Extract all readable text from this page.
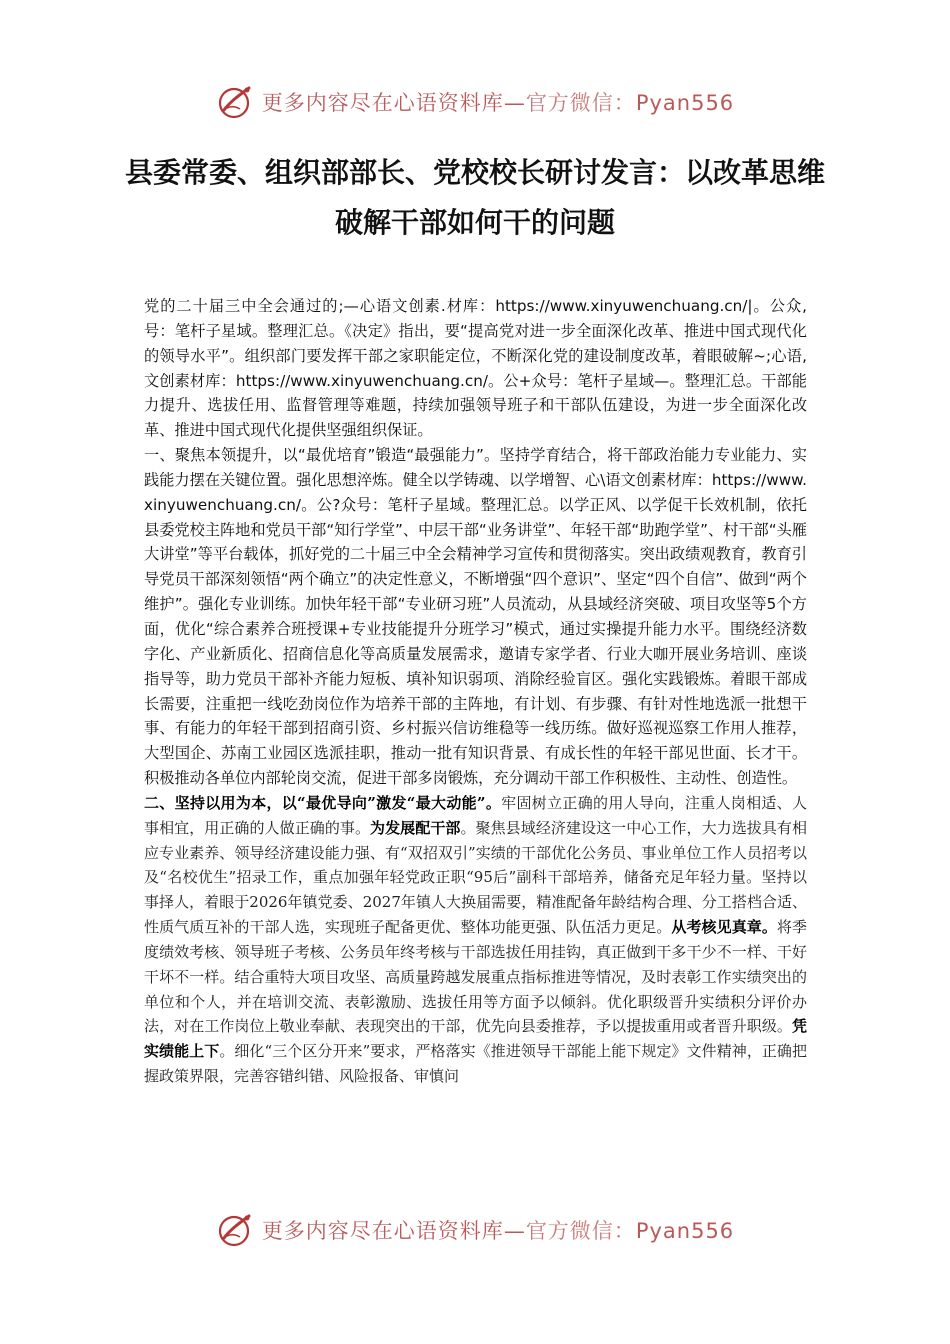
更多内容尽在心语资料库—官方微信：Pyan556
县委常委、组织部部长、党校校长研讨发言：以改革思维破解干部如何干的问题

党的二十届三中全会通过的;—心语文创素.材库：https://www.xinyuwenchuang.cn/|。公众,号：笔杆子星域。整理汇总。《决定》指出，要“提高党对进一步全面深化改革、推进中国式现代化的领导水平”。组织部门要发挥干部之家职能定位，不断深化党的建设制度改革，着眼破解~;心语,文创素材库：https://www.xinyuwenchuang.cn/。公+众号：笔杆子星域—。整理汇总。干部能力提升、选拔任用、监督管理等难题，持续加强领导班子和干部队伍建设，为进一步全面深化改革、推进中国式现代化提供坚强组织保证。

一、聚焦本领提升，以“最优培育”锻造“最强能力”。坚持学育结合，将干部政治能力专业能力、实践能力摆在关键位置。强化思想淬炼。健全以学铸魂、以学增智、心\语文创素材库：https://www.xinyuwenchuang.cn/。公?众号：笔杆子星域。整理汇总。以学正风、以学促干长效机制，依托县委党校主阵地和党员干部“知行学堂”、中层干部“业务讲堂”、年轻干部“助跑学堂”、村干部“头雁大讲堂”等平台载体，抓好党的二十届三中全会精神学习宣传和贯彻落实。突出政绩观教育，教育引导党员干部深刻领悟“两个确立”的决定性意义，不断增强“四个意识”、坚定“四个自信”、做到“两个维护”。强化专业训练。加快年轻干部“专业研习班”人员流动，从县域经济突破、项目攻坚等5个方面，优化“综合素养合班授课+专业技能提升分班学习”模式，通过实操提升能力水平。围绕经济数字化、产业新质化、招商信息化等高质量发展需求，邀请专家学者、行业大咖开展业务培训、座谈指导等，助力党员干部补齐能力短板、填补知识弱项、消除经验盲区。强化实践锻炼。着眼干部成长需要，注重把一线吃劲岗位作为培养干部的主阵地，有计划、有步骤、有针对性地选派一批想干事、有能力的年轻干部到招商引资、乡村振兴信访维稳等一线历练。做好巡视巡察工作用人推荐，大型国企、苏南工业园区选派挂职，推动一批有知识背景、有成长性的年轻干部见世面、长才干。积极推动各单位内部轮岗交流，促进干部多岗锻炼，充分调动干部工作积极性、主动性、创造性。

二、坚持以用为本，以“最优导向”激发“最大动能”。牢固树立正确的用人导向，注重人岗相适、人事相宜，用正确的人做正确的事。为发展配干部。聚焦县域经济建设这一中心工作，大力选拔具有相应专业素养、领导经济建设能力强、有“双招双引”实绩的干部优化公务员、事业单位工作人员招考以及“名校优生”招录工作，重点加强年轻党政正职“95后”副科干部培养，储备充足年轻力量。坚持以事择人，着眼于2026年镇党委、2027年镇人大换届需要，精准配备年龄结构合理、分工搭档合适、性质气质互补的干部人选，实现班子配备更优、整体功能更强、队伍活力更足。从考核见真章。将季度绩效考核、领导班子考核、公务员年终考核与干部选拔任用挂钩，真正做到干多干少不一样、干好干坏不一样。结合重特大项目攻坚、高质量跨越发展重点指标推进等情况，及时表彰工作实绩突出的单位和个人，并在培训交流、表彰激励、选拔任用等方面予以倾斜。优化职级晋升实绩积分评价办法，对在工作岗位上敬业奉献、表现突出的干部，优先向县委推荐，予以提拔重用或者晋升职级。凭实绩能上下。细化“三个区分开来”要求，严格落实《推进领导干部能上能下规定》文件精神，正确把握政策界限，完善容错纠错、风险报备、审慎问

更多内容尽在心语资料库—官方微信：Pyan556
